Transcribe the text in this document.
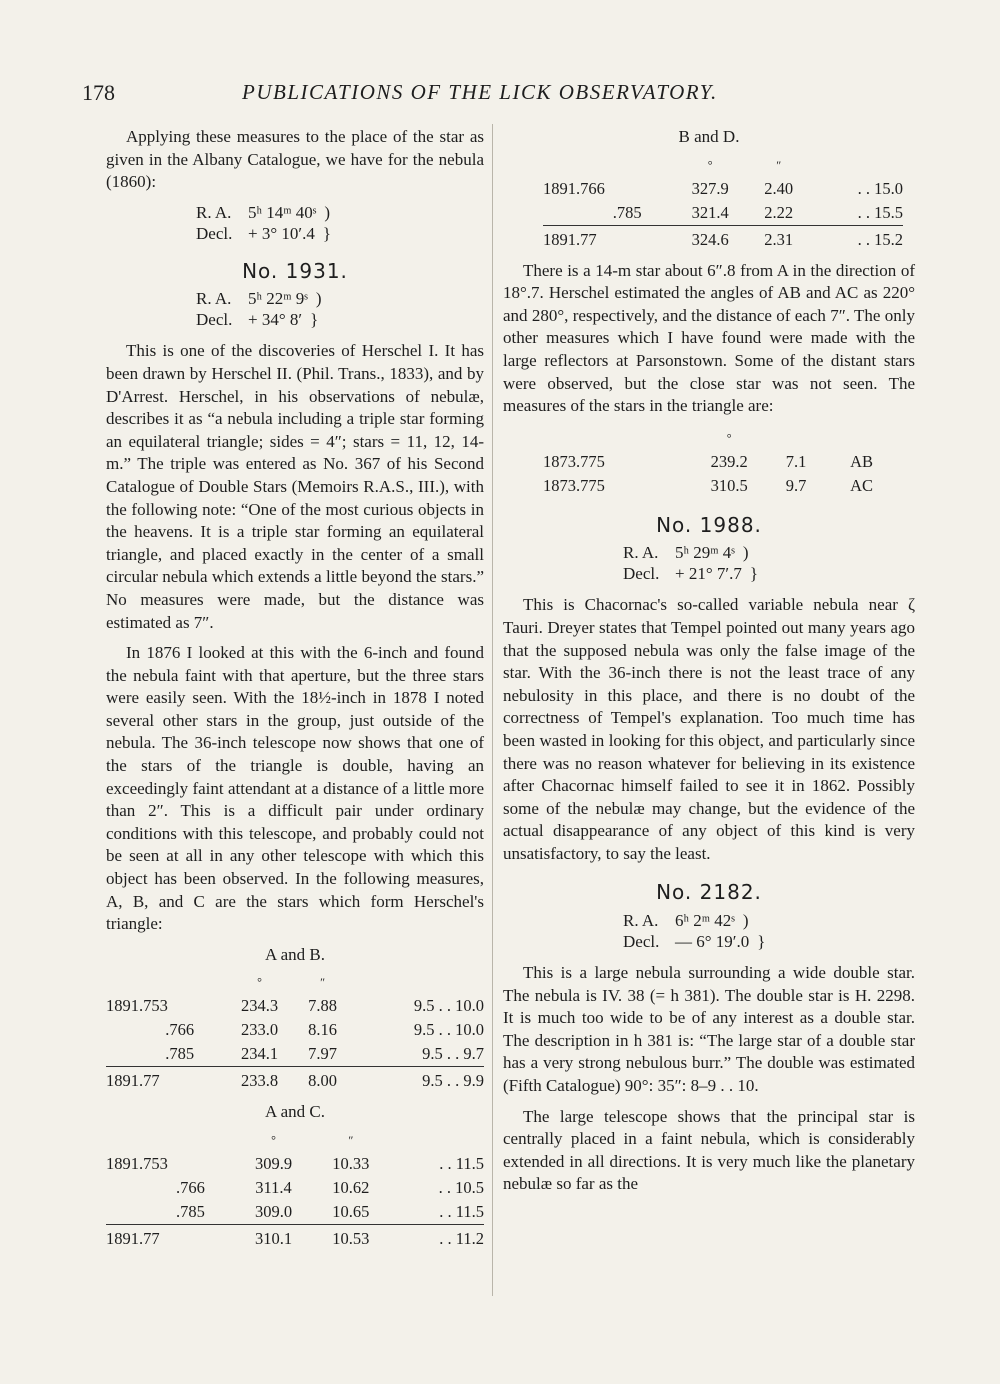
178	PUBLICATIONS OF THE LICK OBSERVATORY.

Applying these measures to the place of the star as given in the Albany Catalogue, we have for the nebula (1860):

R. A. 5ʰ 14ᵐ 40ˢ )
Decl. + 3° 10′.4 }
No. 1931.
R. A. 5ʰ 22ᵐ 9ˢ )
Decl. + 34° 8′ }

This is one of the discoveries of Herschel I. It has been drawn by Herschel II. (Phil. Trans., 1833), and by D'Arrest. Herschel, in his observations of nebulæ, describes it as “a nebula including a triple star forming an equilateral triangle; sides = 4″; stars = 11, 12, 14-m.” The triple was entered as No. 367 of his Second Catalogue of Double Stars (Memoirs R.A.S., III.), with the following note: “One of the most curious objects in the heavens. It is a triple star forming an equilateral triangle, and placed exactly in the center of a small circular nebula which extends a little beyond the stars.” No measures were made, but the distance was estimated as 7″.

In 1876 I looked at this with the 6-inch and found the nebula faint with that aperture, but the three stars were easily seen. With the 18½-inch in 1878 I noted several other stars in the group, just outside of the nebula. The 36-inch telescope now shows that one of the stars of the triangle is double, having an exceedingly faint attendant at a distance of a little more than 2″. This is a difficult pair under ordinary conditions with this telescope, and probably could not be seen at all in any other telescope with which this object has been observed. In the following measures, A, B, and C are the stars which form Herschel's triangle:

A and B.
	°	″	
1891.753	234.3	7.88	9.5 . . 10.0
.766	233.0	8.16	9.5 . . 10.0
.785	234.1	7.97	9.5 . . 9.7
1891.77	233.8	8.00	9.5 . . 9.9
A and C.
	°	″	
1891.753	309.9	10.33	. . 11.5
.766	311.4	10.62	. . 10.5
.785	309.0	10.65	. . 11.5
1891.77	310.1	10.53	. . 11.2
B and D.
	°	″	
1891.766	327.9	2.40	. . 15.0
.785	321.4	2.22	. . 15.5
1891.77	324.6	2.31	. . 15.2

There is a 14-m star about 6″.8 from A in the direction of 18°.7. Herschel estimated the angles of AB and AC as 220° and 280°, respectively, and the distance of each 7″. The only other measures which I have found were made with the large reflectors at Parsonstown. Some of the distant stars were observed, but the close star was not seen. The measures of the stars in the triangle are:

	°		
1873.775	239.2	7.1	AB
1873.775	310.5	9.7	AC
No. 1988.
R. A. 5ʰ 29ᵐ 4ˢ )
Decl. + 21° 7′.7 }

This is Chacornac's so-called variable nebula near ζ Tauri. Dreyer states that Tempel pointed out many years ago that the supposed nebula was only the false image of the star. With the 36-inch there is not the least trace of any nebulosity in this place, and there is no doubt of the correctness of Tempel's explanation. Too much time has been wasted in looking for this object, and particularly since there was no reason whatever for believing in its existence after Chacornac himself failed to see it in 1862. Possibly some of the nebulæ may change, but the evidence of the actual disappearance of any object of this kind is very unsatisfactory, to say the least.

No. 2182.
R. A. 6ʰ 2ᵐ 42ˢ )
Decl. — 6° 19′.0 }

This is a large nebula surrounding a wide double star. The nebula is IV. 38 (= h 381). The double star is H. 2298. It is much too wide to be of any interest as a double star. The description in h 381 is: “The large star of a double star has a very strong nebulous burr.” The double was estimated (Fifth Catalogue) 90°: 35″: 8–9 . . 10.

The large telescope shows that the principal star is centrally placed in a faint nebula, which is considerably extended in all directions. It is very much like the planetary nebulæ so far as the
